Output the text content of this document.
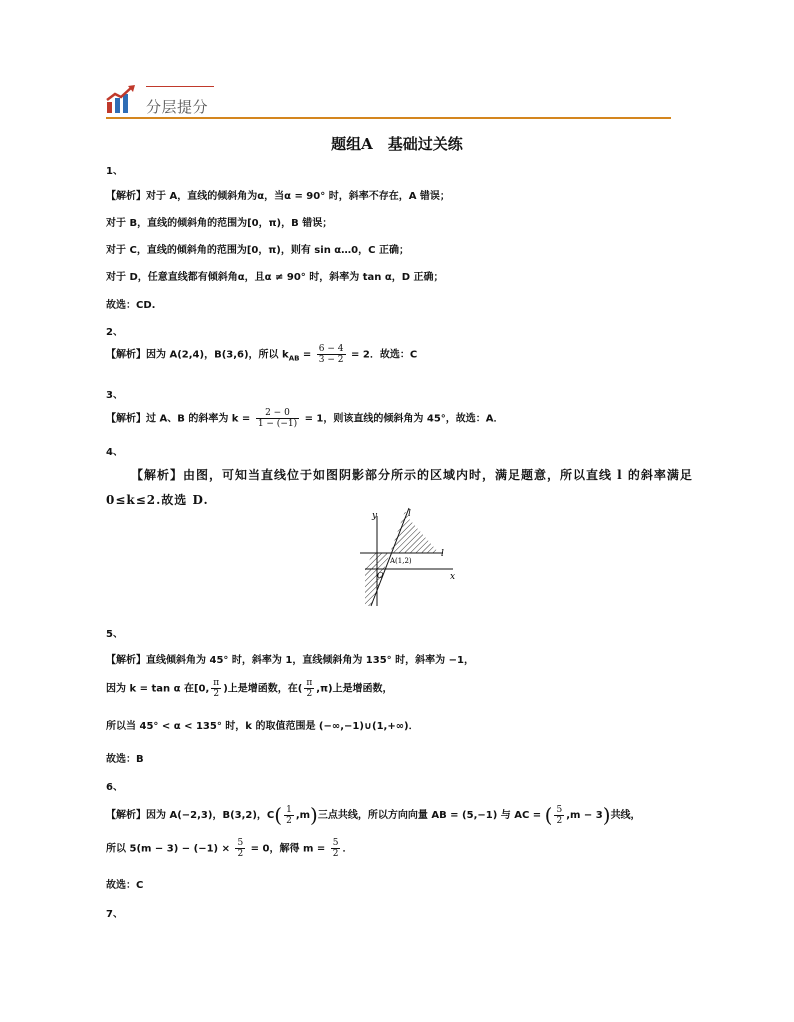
分层提分
题组A　基础过关练
1、
【解析】对于 A，直线的倾斜角为α，当α = 90° 时，斜率不存在，A 错误；
对于 B，直线的倾斜角的范围为[0，π)，B 错误；
对于 C，直线的倾斜角的范围为[0，π)，则有 sin α…0，C 正确；
对于 D，任意直线都有倾斜角α，且α ≠ 90° 时，斜率为 tan α，D 正确；
故选：CD.
2、
【解析】因为 A(2,4)，B(3,6)，所以 $k_{AB} = \frac{6 - 4}{3 - 2} = 2$．故选：C
3、
【解析】过 A、B 的斜率为 $k = \frac{2 - 0}{1 - (-1)} = 1$，则该直线的倾斜角为 45°，故选：A．
4、
【解析】由图，可知当直线位于如图阴影部分所示的区域内时，满足题意，所以直线 l 的斜率满足
0≤k≤2.故选 D.
y
x
O
l
l
A(1,2)
5、
【解析】直线倾斜角为 45° 时，斜率为 1，直线倾斜角为 135° 时，斜率为 −1，
因为 k = tan α 在[0, $\frac{\pi}{2}$ )上是增函数，在( $\frac{\pi}{2} ,\pi$)上是增函数，
所以当 45° < α < 135° 时，k 的取值范围是 (−∞,−1)∪(1,+∞)．
故选：B
6、
【解析】因为 A(−2,3)，B(3,2)，$C( \frac{1}{2} ,m)$三点共线，所以方向向量 AB = (5,−1) 与 AC = ( $\frac{5}{2} ,m - 3$)共线，
所以 $5(m - 3) - (-1) \times \frac{5}{2} = 0$，解得 $m = \frac{5}{2}$ ．
故选：C
7、
